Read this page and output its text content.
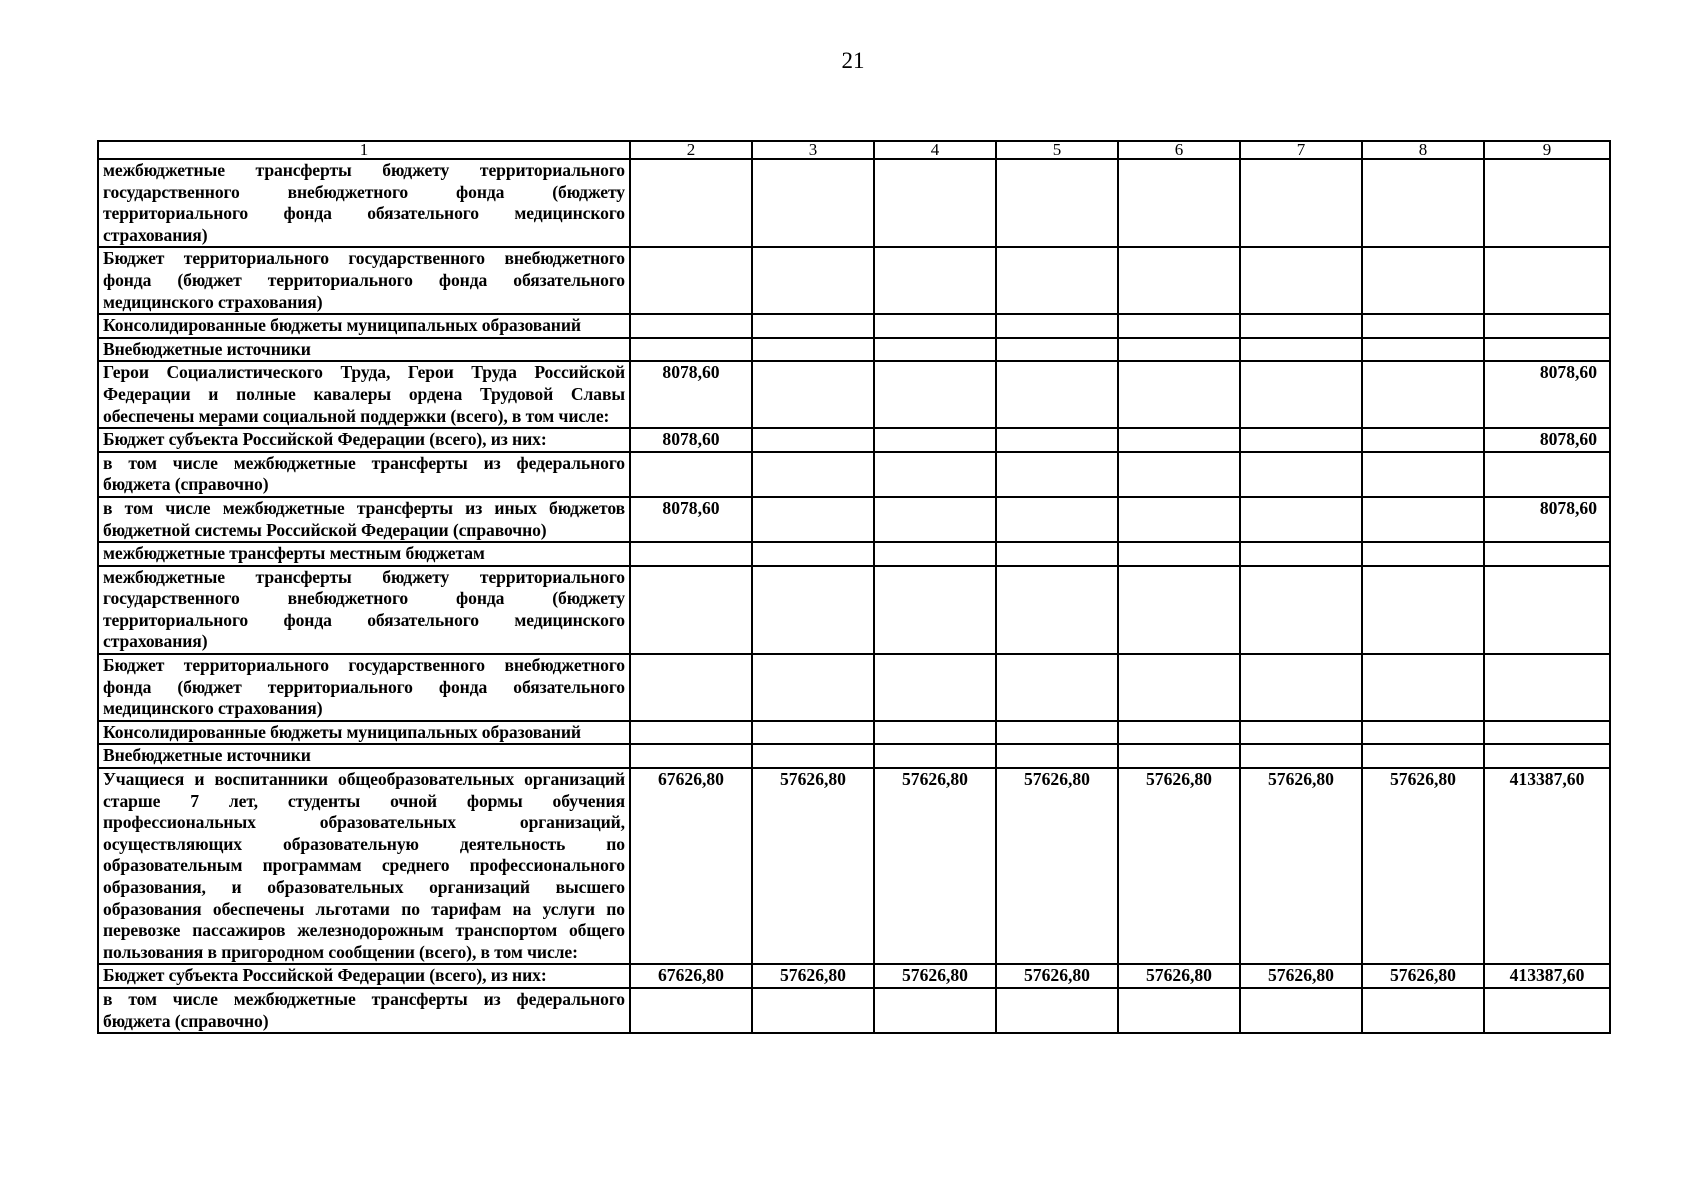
21
1	2	3	4	5	6	7	8	9
межбюджетные трансферты бюджету территориального государственного внебюджетного фонда (бюджету территориального фонда обязательного медицинского страхования)								
Бюджет территориального государственного внебюджетного фонда (бюджет территориального фонда обязательного медицинского страхования)								
Консолидированные бюджеты муниципальных образований								
Внебюджетные источники								
Герои Социалистического Труда, Герои Труда Российской Федерации и полные кавалеры ордена Трудовой Славы обеспечены мерами социальной поддержки (всего), в том числе:	8078,60							8078,60
Бюджет субъекта Российской Федерации (всего), из них:	8078,60							8078,60
в том числе межбюджетные трансферты из федерального бюджета (справочно)								
в том числе межбюджетные трансферты из иных бюджетов бюджетной системы Российской Федерации (справочно)	8078,60							8078,60
межбюджетные трансферты местным бюджетам								
межбюджетные трансферты бюджету территориального государственного внебюджетного фонда (бюджету территориального фонда обязательного медицинского страхования)								
Бюджет территориального государственного внебюджетного фонда (бюджет территориального фонда обязательного медицинского страхования)								
Консолидированные бюджеты муниципальных образований								
Внебюджетные источники								
Учащиеся и воспитанники общеобразовательных организаций старше 7 лет, студенты очной формы обучения профессиональных образовательных организаций, осуществляющих образовательную деятельность по образовательным программам среднего профессионального образования, и образовательных организаций высшего образования обеспечены льготами по тарифам на услуги по перевозке пассажиров железнодорожным транспортом общего пользования в пригородном сообщении (всего), в том числе:	67626,80	57626,80	57626,80	57626,80	57626,80	57626,80	57626,80	413387,60
Бюджет субъекта Российской Федерации (всего), из них:	67626,80	57626,80	57626,80	57626,80	57626,80	57626,80	57626,80	413387,60
в том числе межбюджетные трансферты из федерального бюджета (справочно)								
